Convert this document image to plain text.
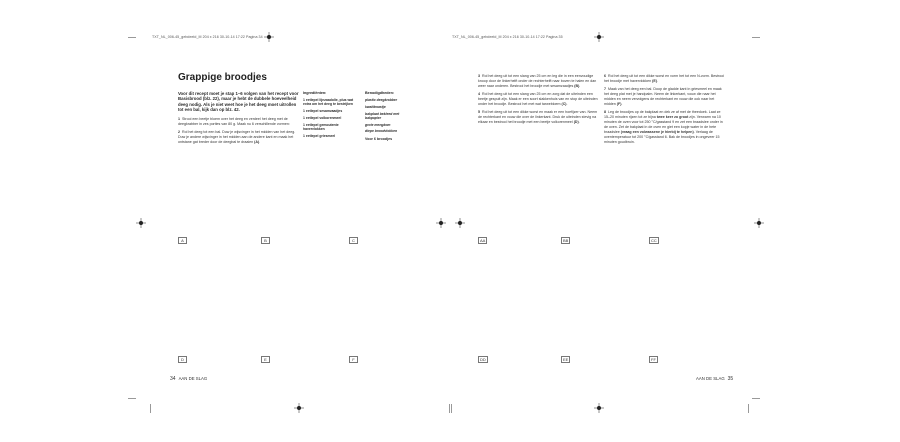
TXT_NL_006-45_gebdeeld_M 204 x 216 30-10-14 17:22 Pagina 34	TXT_NL_006-45_gebdeeld_M 204 x 216 30-10-14 17:22 Pagina 35
Grappige broodjes
Voor dit recept moet je stap 1–6 volgen van het recept voor Basisbrood (blz. 22), maar je hebt de dubbele hoeveelheid deeg nodig. Als je niet weet hoe je het deeg moet uitrollen tot een bal, kijk dan op blz. 42.
1 Strooi een beetje bloem over het deeg en verdeel het deeg met de deegkrabber in zes porties van 80 g. Maak nu 6 verschillende vormen:
2 Rol het deeg tot een bal. Duw je wijsvinger in het midden van het deeg. Duw je andere wijsvinger in het midden aan de andere kant en maak het ontstane gat breder door de deegbal te draaien (A).
Ingrediënten:
1 eetlepel lijnzaadolie, plus wat extra om het deeg te bestrijken
1 eetlepel sesamzaadjes
1 eetlepel volkorenmeel
1 eetlepel gemoutente havervlokken
1 eetlepel griesmeel
Benodigdheden:
plastic deegkrabber
kwaltkwastje
bakplaat bekleed met bakpapier
grote mengkom
diepe broodvlokken
Voor 6 broodjes
A	B	C
D	E	F
34 AAN DE SLAG
3 Rol het deeg uit tot een slang van 25 cm en leg die in een eenvoudige knoop door de linkerhelft onder de rechterhelft naar boven te halen en dan weer naar onderen. Bestrooi het broodje met sesamzaadjes (B).
4 Rol het deeg uit tot een slang van 25 cm en zorg dat de uiteinden een beetje gespuit zijn. Maak er een soort slakkenhuis van en stop de uiteinden onder het broodje. Bestrooi het met wat tarwebloem (C).
5 Rol het deeg uit tot een dikke worst en maak er een hoefijzer van. Neem de rechterkant en vouw die over de linkerkant. Druk de uiteinden stevig na elkaar en bestrooi het broodje met een beetje volkorenmeel (D).
6 Rol het deeg uit tot een dikke worst en vorm het tot een N-vorm. Bestrooi het broodje met havervlokken (E).
7 Maak van het deeg een bal. Doop de gladde kant in griesmeel en maak het deeg plat met je handpalm. Neem de linkerkant, vouw die naar het midden en neem vervolgens de rechterkant en vouw die ook naar het midden (F).
8 Leg de broodjes op de bakplaat en dek ze af met de theedoek. Laat ze 15–20 minuten rijzen tot ze bijna twee keer zo groot zijn. Verwarm na 10 minuten de oven voor tot 250 °C/gasstand 9 en zet een braadslee onder in de oven. Zet de bakplaat in de oven en giet een kopje water in de hete braadslee (vraag een volwassene je hierbij te helpen). Verlaag de oventemperatuur tot 200 °C/gasstand 6. Bak de broodjes in ongeveer 15 minuten goudbruin.
AA	BB	CC
DD	EE	FF
AAN DE SLAG 35
